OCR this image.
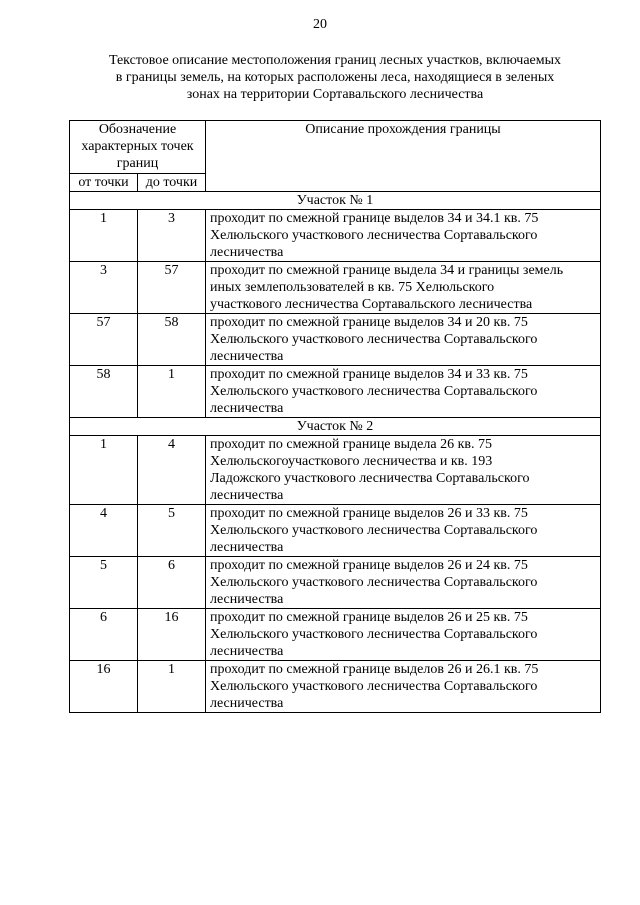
20
Текстовое описание местоположения границ лесных участков, включаемых
в границы земель, на которых расположены леса, находящиеся в зеленых
зонах на территории Сортавальского лесничества
Обозначение
характерных точек
границ		Описание прохождения границы
от точки	до точки	
Участок № 1		
1	3	проходит по смежной границе выделов 34 и 34.1 кв. 75
Хелюльского участкового лесничества Сортавальского
лесничества

3	57	проходит по смежной границе выдела 34 и границы земель
иных землепользователей в кв. 75 Хелюльского
участкового лесничества Сортавальского лесничества

57	58	проходит по смежной границе выделов 34 и 20 кв. 75
Хелюльского участкового лесничества Сортавальского
лесничества

58	1	проходит по смежной границе выделов 34 и 33 кв. 75
Хелюльского участкового лесничества Сортавальского
лесничества

Участок № 2		
1	4	проходит по смежной границе выдела 26 кв. 75
Хелюльскогоучасткового лесничества и кв. 193
Ладожского участкового лесничества Сортавальского
лесничества

4	5	проходит по смежной границе выделов 26 и 33 кв. 75
Хелюльского участкового лесничества Сортавальского
лесничества

5	6	проходит по смежной границе выделов 26 и 24 кв. 75
Хелюльского участкового лесничества Сортавальского
лесничества

6	16	проходит по смежной границе выделов 26 и 25 кв. 75
Хелюльского участкового лесничества Сортавальского
лесничества

16	1	проходит по смежной границе выделов 26 и 26.1 кв. 75
Хелюльского участкового лесничества Сортавальского
лесничества
